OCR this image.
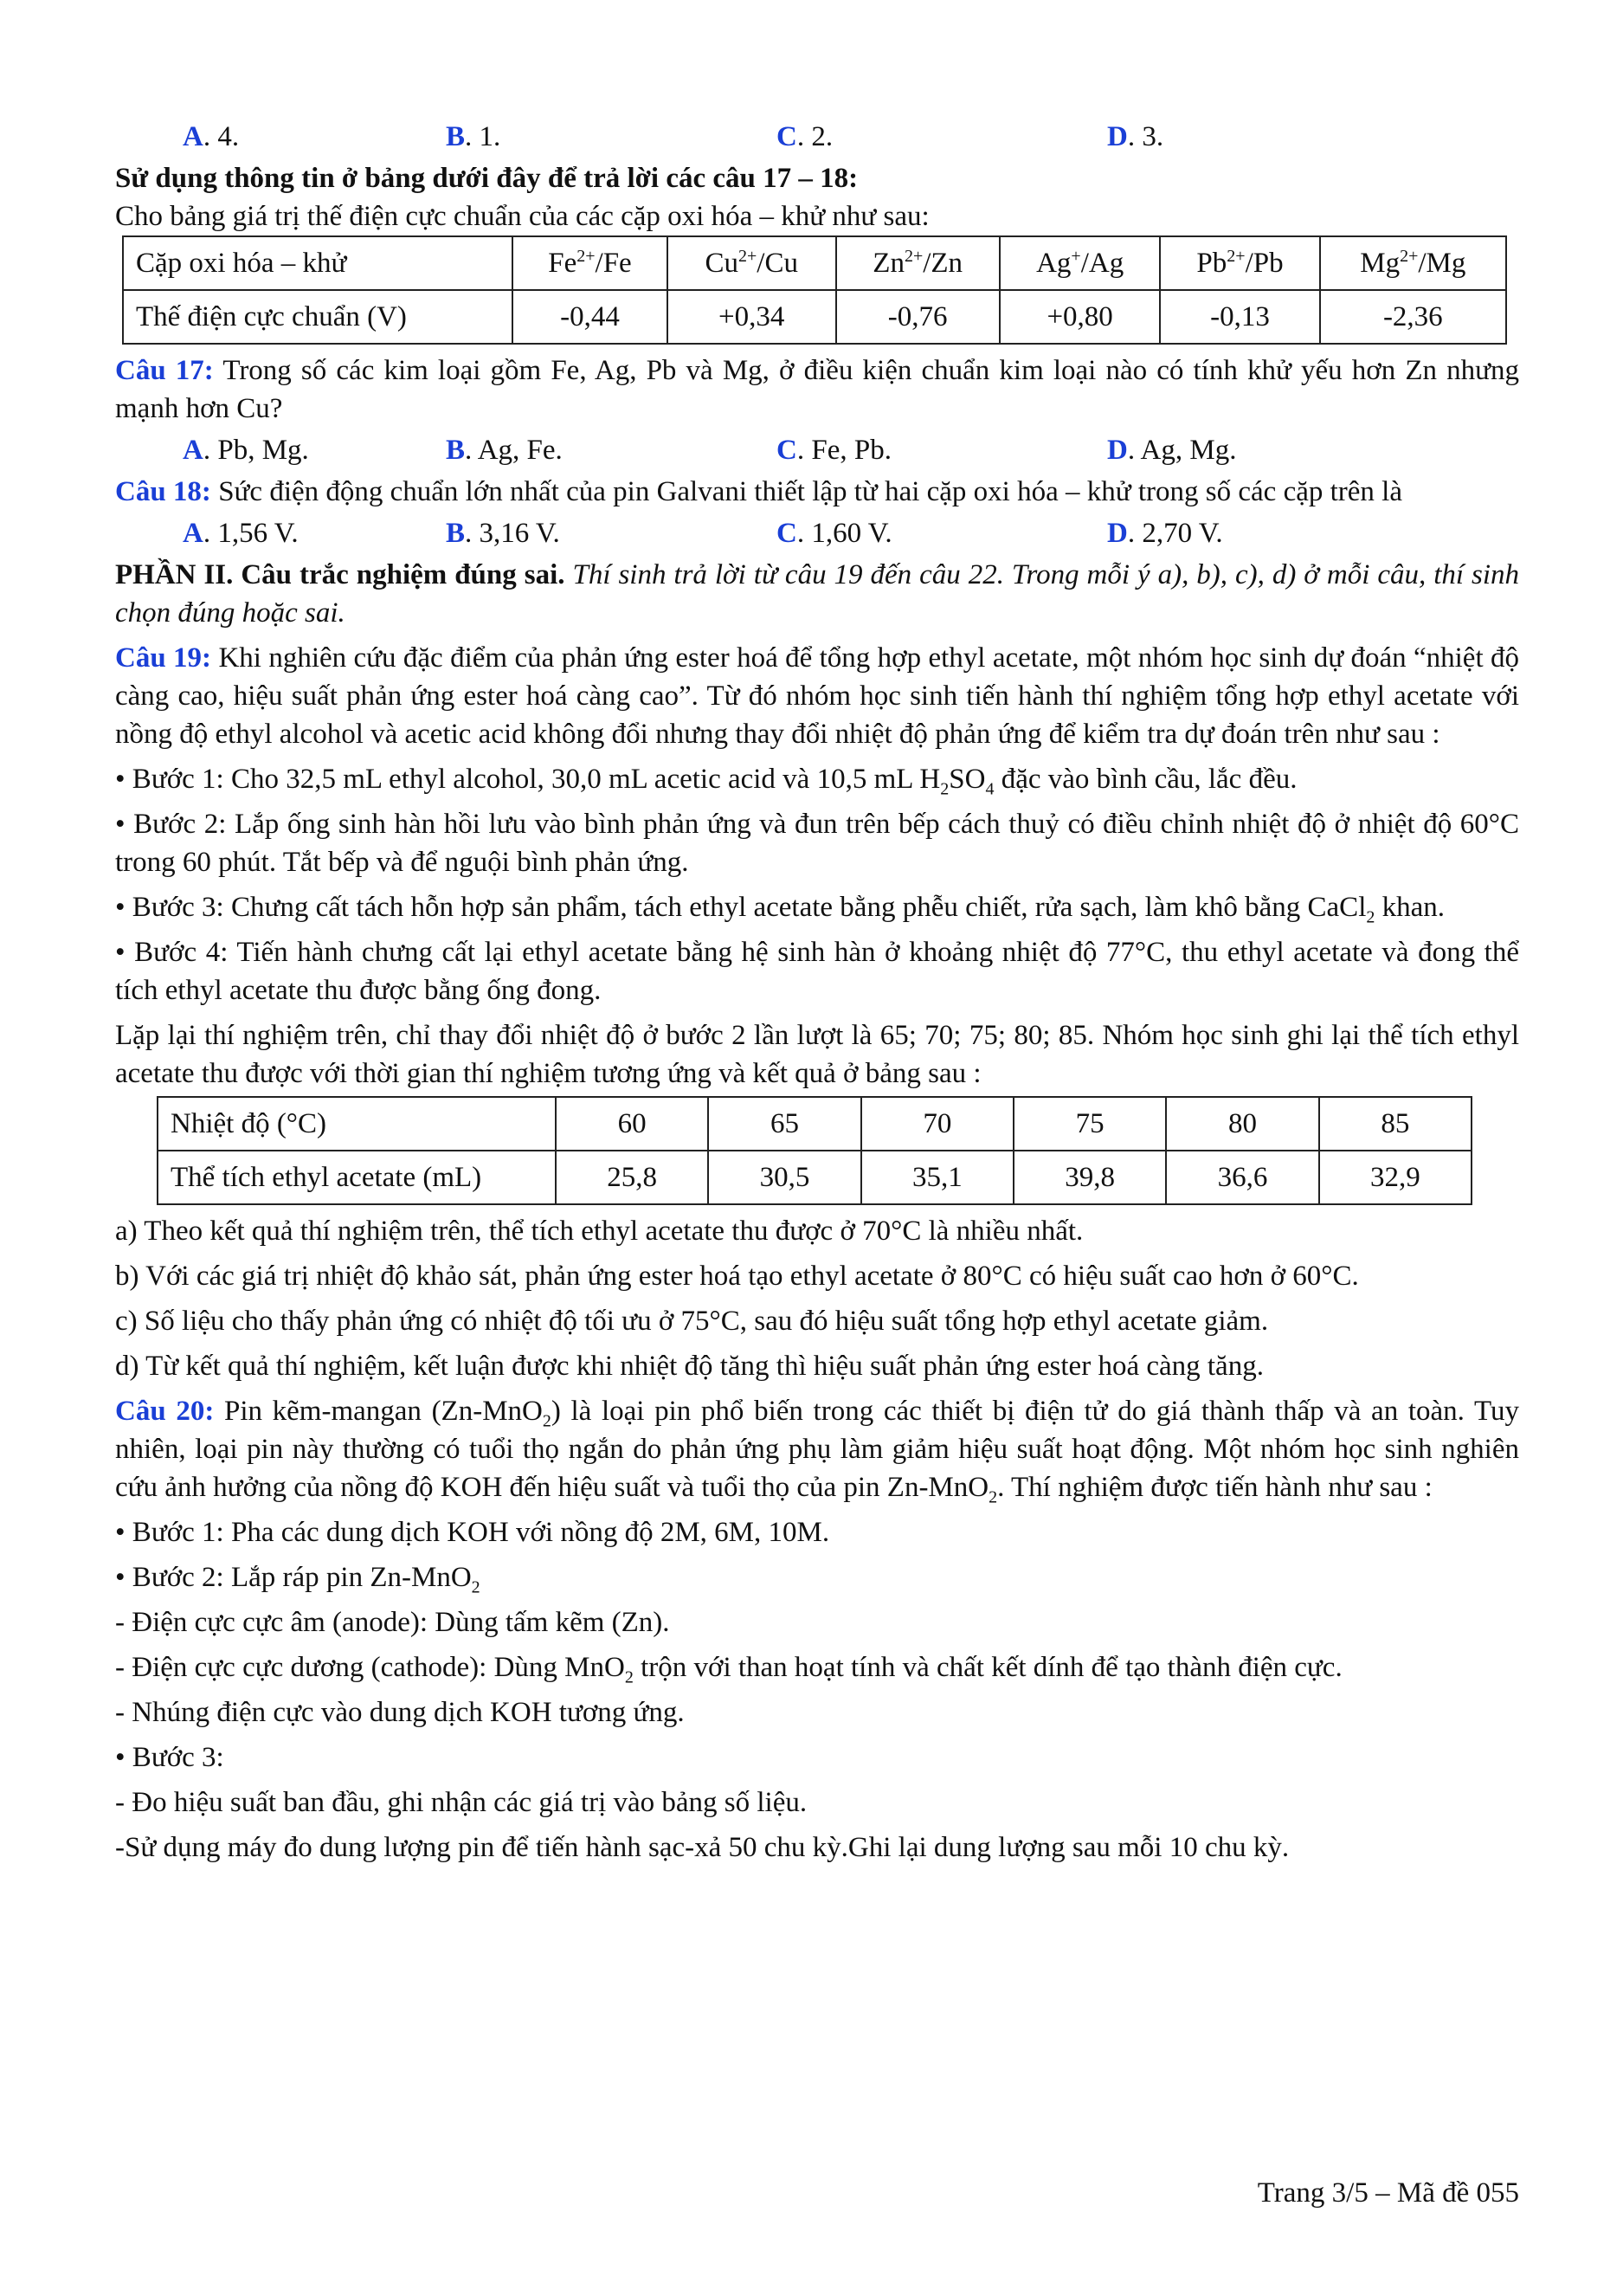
A. 4.	B. 1.	C. 2.	D. 3.

Sử dụng thông tin ở bảng dưới đây để trả lời các câu 17 – 18:

Cho bảng giá trị thế điện cực chuẩn của các cặp oxi hóa – khử như sau:

Cặp oxi hóa – khử	$Fe^{2+}/Fe$	$Cu^{2+}/Cu$	$Zn^{2+}/Zn$	Ag+/Ag	$Pb^{2+}/Pb$	$Mg^{2+}/Mg$
Thế điện cực chuẩn (V)	-0,44	+0,34	-0,76	+0,80	-0,13	-2,36

Câu 17: Trong số các kim loại gồm Fe, Ag, Pb và Mg, ở điều kiện chuẩn kim loại nào có tính khử yếu hơn Zn nhưng mạnh hơn Cu?

A. Pb, Mg.	B. Ag, Fe.	C. Fe, Pb.	D. Ag, Mg.

Câu 18: Sức điện động chuẩn lớn nhất của pin Galvani thiết lập từ hai cặp oxi hóa – khử trong số các cặp trên là

A. 1,56 V.	B. 3,16 V.	C. 1,60 V.	D. 2,70 V.

PHẦN II. Câu trắc nghiệm đúng sai. Thí sinh trả lời từ câu 19 đến câu 22. Trong mỗi ý a), b), c), d) ở mỗi câu, thí sinh chọn đúng hoặc sai.

Câu 19: Khi nghiên cứu đặc điểm của phản ứng ester hoá để tổng hợp ethyl acetate, một nhóm học sinh dự đoán “nhiệt độ càng cao, hiệu suất phản ứng ester hoá càng cao”. Từ đó nhóm học sinh tiến hành thí nghiệm tổng hợp ethyl acetate với nồng độ ethyl alcohol và acetic acid không đổi nhưng thay đổi nhiệt độ phản ứng để kiểm tra dự đoán trên như sau :

• Bước 1: Cho 32,5 mL ethyl alcohol, 30,0 mL acetic acid và 10,5 mL $H_2SO_4$ đặc vào bình cầu, lắc đều.

• Bước 2: Lắp ống sinh hàn hồi lưu vào bình phản ứng và đun trên bếp cách thuỷ có điều chỉnh nhiệt độ ở nhiệt độ 60°C trong 60 phút. Tắt bếp và để nguội bình phản ứng.

• Bước 3: Chưng cất tách hỗn hợp sản phẩm, tách ethyl acetate bằng phễu chiết, rửa sạch, làm khô bằng CaCl$_2$ khan.

• Bước 4: Tiến hành chưng cất lại ethyl acetate bằng hệ sinh hàn ở khoảng nhiệt độ 77°C, thu ethyl acetate và đong thể tích ethyl acetate thu được bằng ống đong.

Lặp lại thí nghiệm trên, chỉ thay đổi nhiệt độ ở bước 2 lần lượt là 65; 70; 75; 80; 85. Nhóm học sinh ghi lại thể tích ethyl acetate thu được với thời gian thí nghiệm tương ứng và kết quả ở bảng sau :

Nhiệt độ (°C)	60	65	70	75	80	85
Thể tích ethyl acetate (mL)	25,8	30,5	35,1	39,8	36,6	32,9

a) Theo kết quả thí nghiệm trên, thể tích ethyl acetate thu được ở 70°C là nhiều nhất.

b) Với các giá trị nhiệt độ khảo sát, phản ứng ester hoá tạo ethyl acetate ở 80°C có hiệu suất cao hơn ở 60°C.

c) Số liệu cho thấy phản ứng có nhiệt độ tối ưu ở 75°C, sau đó hiệu suất tổng hợp ethyl acetate giảm.

d) Từ kết quả thí nghiệm, kết luận được khi nhiệt độ tăng thì hiệu suất phản ứng ester hoá càng tăng.

Câu 20: Pin kẽm-mangan (Zn-MnO$_2$) là loại pin phổ biến trong các thiết bị điện tử do giá thành thấp và an toàn. Tuy nhiên, loại pin này thường có tuổi thọ ngắn do phản ứng phụ làm giảm hiệu suất hoạt động. Một nhóm học sinh nghiên cứu ảnh hưởng của nồng độ KOH đến hiệu suất và tuổi thọ của pin Zn-MnO$_2$. Thí nghiệm được tiến hành như sau :

• Bước 1: Pha các dung dịch KOH với nồng độ 2M, 6M, 10M.

• Bước 2: Lắp ráp pin Zn-MnO$_2$

- Điện cực cực âm (anode): Dùng tấm kẽm (Zn).

- Điện cực cực dương (cathode): Dùng MnO$_2$ trộn với than hoạt tính và chất kết dính để tạo thành điện cực.

- Nhúng điện cực vào dung dịch KOH tương ứng.

• Bước 3:

- Đo hiệu suất ban đầu, ghi nhận các giá trị vào bảng số liệu.

-Sử dụng máy đo dung lượng pin để tiến hành sạc-xả 50 chu kỳ.Ghi lại dung lượng sau mỗi 10 chu kỳ.

Trang 3/5 – Mã đề 055
